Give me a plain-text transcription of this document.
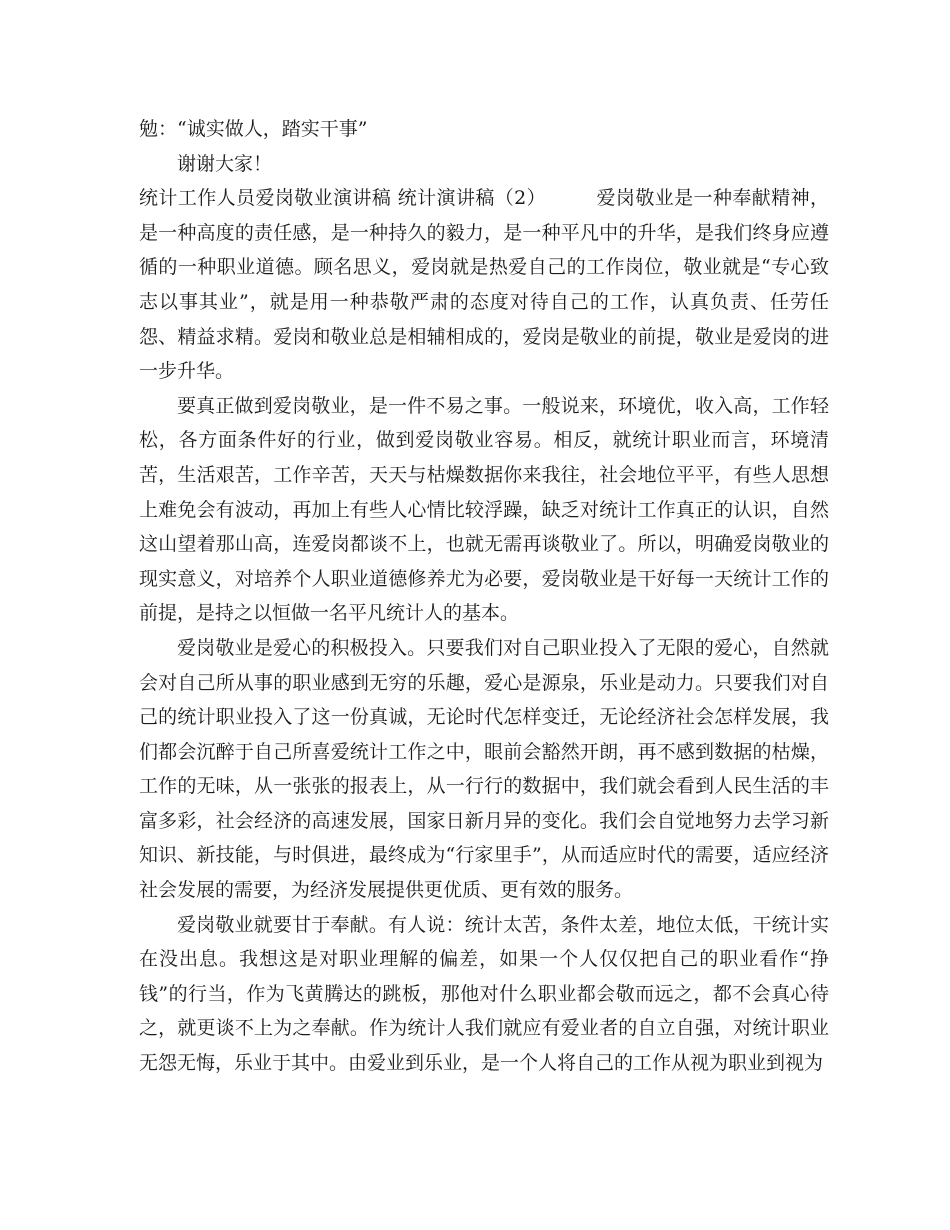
勉：“诚实做人，踏实干事”

谢谢大家！

统计工作人员爱岗敬业演讲稿 统计演讲稿（2）	爱岗敬业是一种奉献精神，是一种高度的责任感，是一种持久的毅力，是一种平凡中的升华，是我们终身应遵循的一种职业道德。顾名思义，爱岗就是热爱自己的工作岗位，敬业就是“专心致志以事其业”，就是用一种恭敬严肃的态度对待自己的工作，认真负责、任劳任怨、精益求精。爱岗和敬业总是相辅相成的，爱岗是敬业的前提，敬业是爱岗的进一步升华。

要真正做到爱岗敬业，是一件不易之事。一般说来，环境优，收入高，工作轻松，各方面条件好的行业，做到爱岗敬业容易。相反，就统计职业而言，环境清苦，生活艰苦，工作辛苦，天天与枯燥数据你来我往，社会地位平平，有些人思想上难免会有波动，再加上有些人心情比较浮躁，缺乏对统计工作真正的认识，自然这山望着那山高，连爱岗都谈不上，也就无需再谈敬业了。所以，明确爱岗敬业的现实意义，对培养个人职业道德修养尤为必要，爱岗敬业是干好每一天统计工作的前提，是持之以恒做一名平凡统计人的基本。

爱岗敬业是爱心的积极投入。只要我们对自己职业投入了无限的爱心，自然就会对自己所从事的职业感到无穷的乐趣，爱心是源泉，乐业是动力。只要我们对自己的统计职业投入了这一份真诚，无论时代怎样变迁，无论经济社会怎样发展，我们都会沉醉于自己所喜爱统计工作之中，眼前会豁然开朗，再不感到数据的枯燥，工作的无味，从一张张的报表上，从一行行的数据中，我们就会看到人民生活的丰富多彩，社会经济的高速发展，国家日新月异的变化。我们会自觉地努力去学习新知识、新技能，与时俱进，最终成为“行家里手”，从而适应时代的需要，适应经济社会发展的需要，为经济发展提供更优质、更有效的服务。

爱岗敬业就要甘于奉献。有人说：统计太苦，条件太差，地位太低，干统计实在没出息。我想这是对职业理解的偏差，如果一个人仅仅把自己的职业看作“挣钱”的行当，作为飞黄腾达的跳板，那他对什么职业都会敬而远之，都不会真心待之，就更谈不上为之奉献。作为统计人我们就应有爱业者的自立自强，对统计职业无怨无悔，乐业于其中。由爱业到乐业，是一个人将自己的工作从视为职业到视为
